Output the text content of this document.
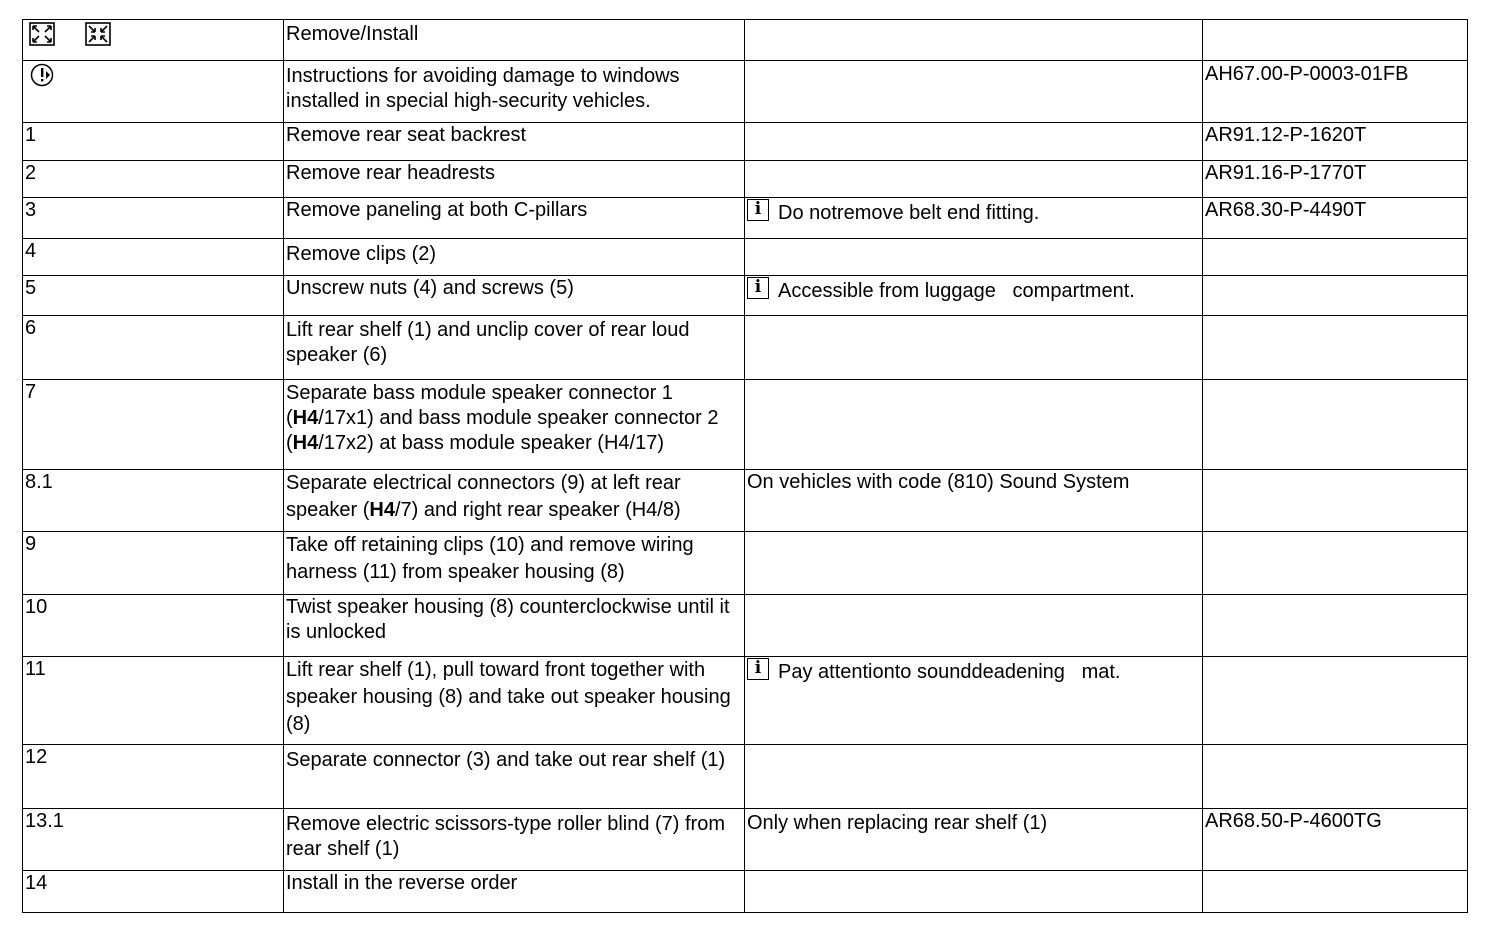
	Remove/Install		
	Instructions for avoiding damage to windows installed in special high-security vehicles.		AH67.00-P-0003-01FB
1	Remove rear seat backrest		AR91.12-P-1620T
2	Remove rear headrests		AR91.16-P-1770T
3	Remove paneling at both C-pillars	i Do notremove belt end fitting.	AR68.30-P-4490T
4	Remove clips (2)		
5	Unscrew nuts (4) and screws (5)	i Accessible from luggage   compartment.	
6	Lift rear shelf (1) and unclip cover of rear loud speaker (6)		
7	Separate bass module speaker connector 1 (H4/17x1) and bass module speaker connector 2 (H4/17x2) at bass module speaker (H4/17)		
8.1	Separate electrical connectors (9) at left rear speaker (H4/7) and right rear speaker (H4/8)	On vehicles with code (810) Sound System	
9	Take off retaining clips (10) and remove wiring harness (11) from speaker housing (8)		
10	Twist speaker housing (8) counterclockwise until it is unlocked		
11	Lift rear shelf (1), pull toward front together with speaker housing (8) and take out speaker housing (8)	i Pay attentionto sounddeadening   mat.	
12	Separate connector (3) and take out rear shelf (1)		
13.1	Remove electric scissors-type roller blind (7) from rear shelf (1)	Only when replacing rear shelf (1)	AR68.50-P-4600TG
14	Install in the reverse order		
